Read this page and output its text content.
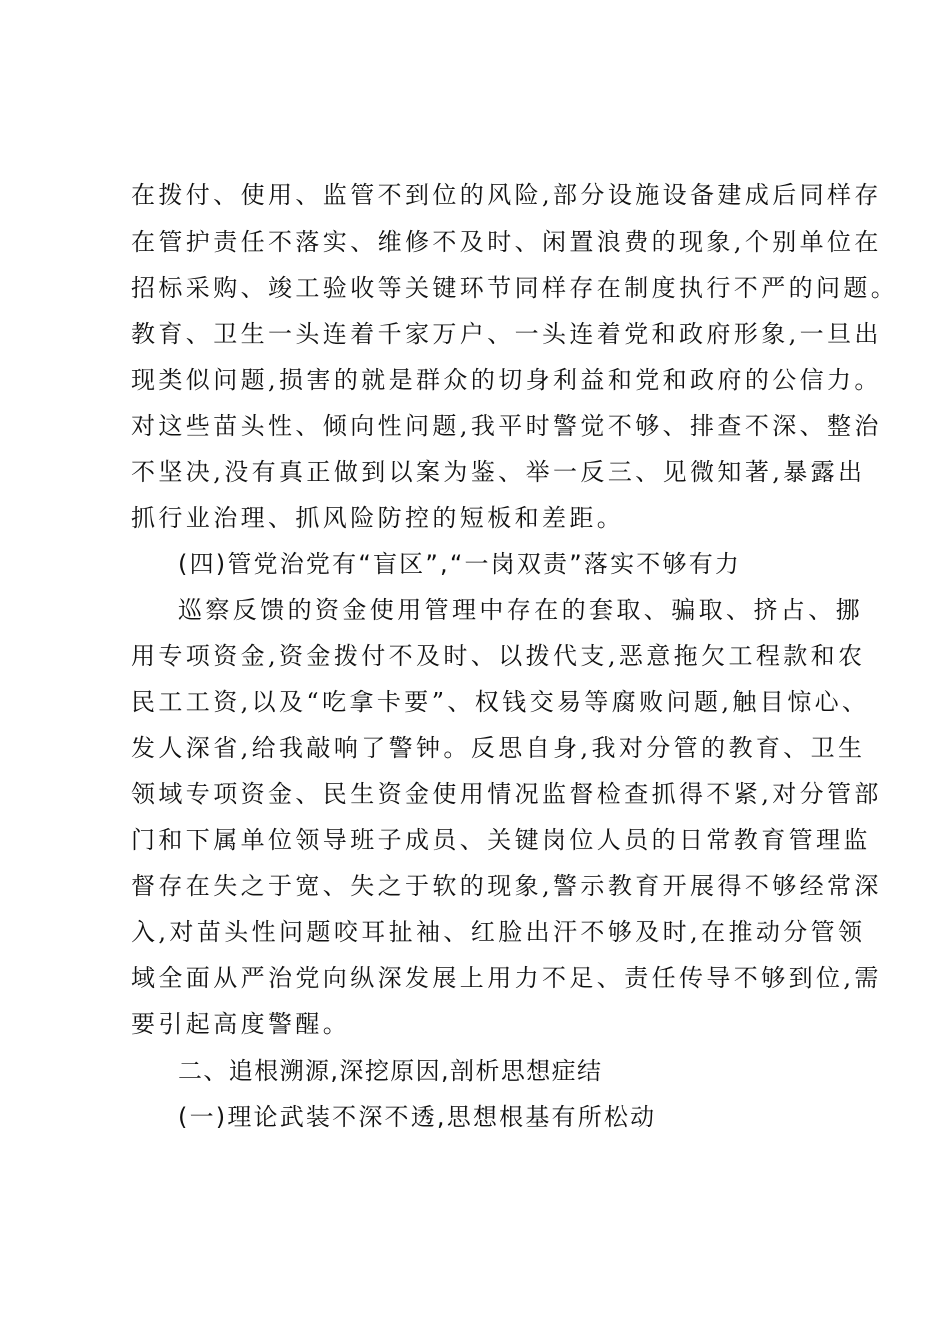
在拨付、使用、监管不到位的风险,部分设施设备建成后同样存
在管护责任不落实、维修不及时、闲置浪费的现象,个别单位在
招标采购、竣工验收等关键环节同样存在制度执行不严的问题。
教育、卫生一头连着千家万户、一头连着党和政府形象,一旦出
现类似问题,损害的就是群众的切身利益和党和政府的公信力。
对这些苗头性、倾向性问题,我平时警觉不够、排查不深、整治
不坚决,没有真正做到以案为鉴、举一反三、见微知著,暴露出
抓行业治理、抓风险防控的短板和差距。
(四)管党治党有“盲区”,“一岗双责”落实不够有力
巡察反馈的资金使用管理中存在的套取、骗取、挤占、挪
用专项资金,资金拨付不及时、以拨代支,恶意拖欠工程款和农
民工工资,以及“吃拿卡要”、权钱交易等腐败问题,触目惊心、
发人深省,给我敲响了警钟。反思自身,我对分管的教育、卫生
领域专项资金、民生资金使用情况监督检查抓得不紧,对分管部
门和下属单位领导班子成员、关键岗位人员的日常教育管理监
督存在失之于宽、失之于软的现象,警示教育开展得不够经常深
入,对苗头性问题咬耳扯袖、红脸出汗不够及时,在推动分管领
域全面从严治党向纵深发展上用力不足、责任传导不够到位,需
要引起高度警醒。
二、追根溯源,深挖原因,剖析思想症结
(一)理论武装不深不透,思想根基有所松动
